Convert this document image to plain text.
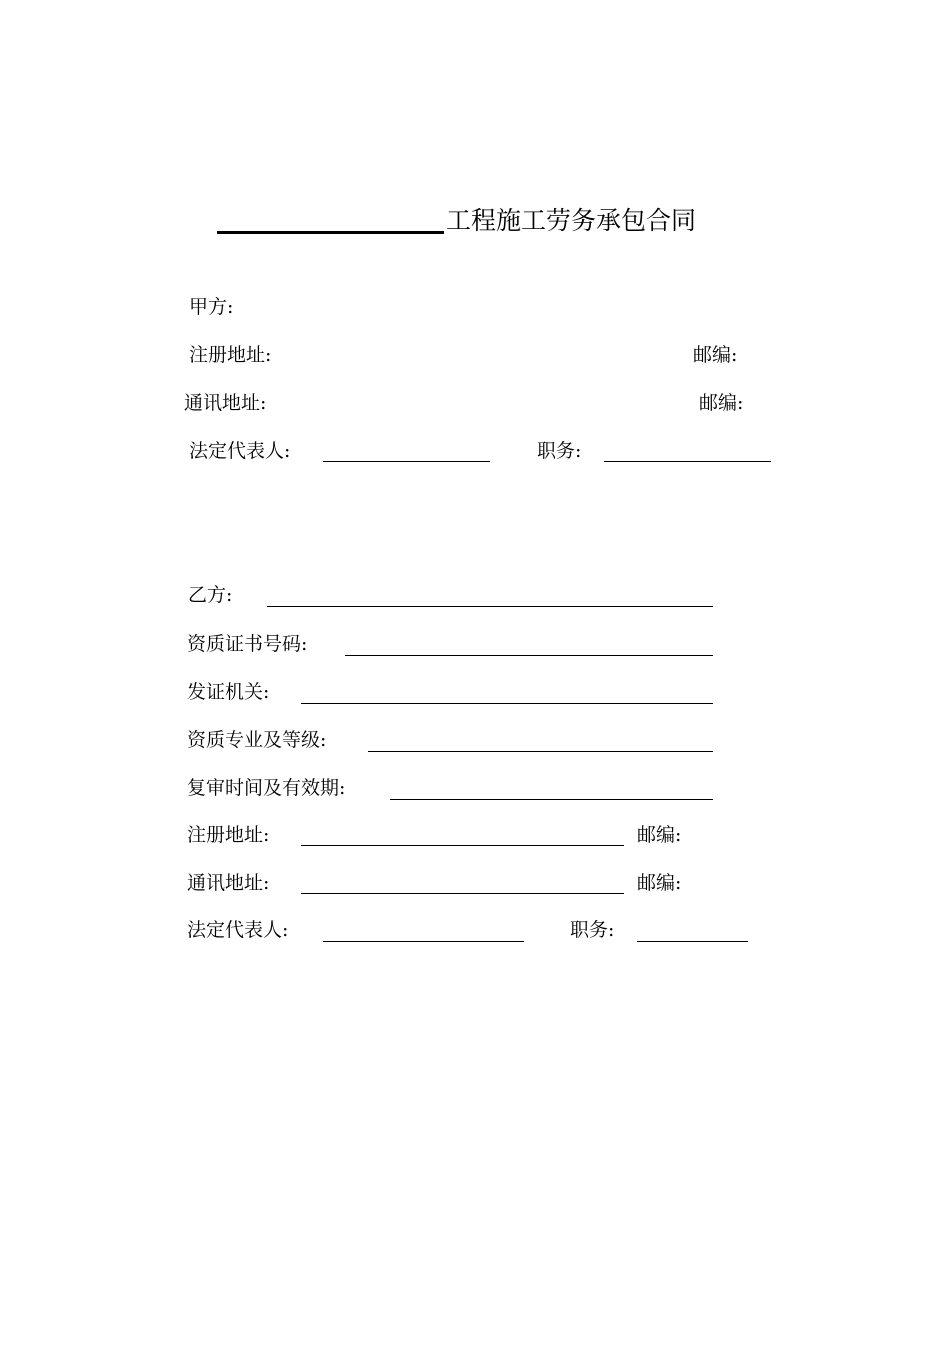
工程施工劳务承包合同
甲方:
注册地址:	邮编:
通讯地址:	邮编:
法定代表人:	职务:
乙方:
资质证书号码:
发证机关:
资质专业及等级:
复审时间及有效期:
注册地址:	邮编:
通讯地址:	邮编:
法定代表人:	职务:
